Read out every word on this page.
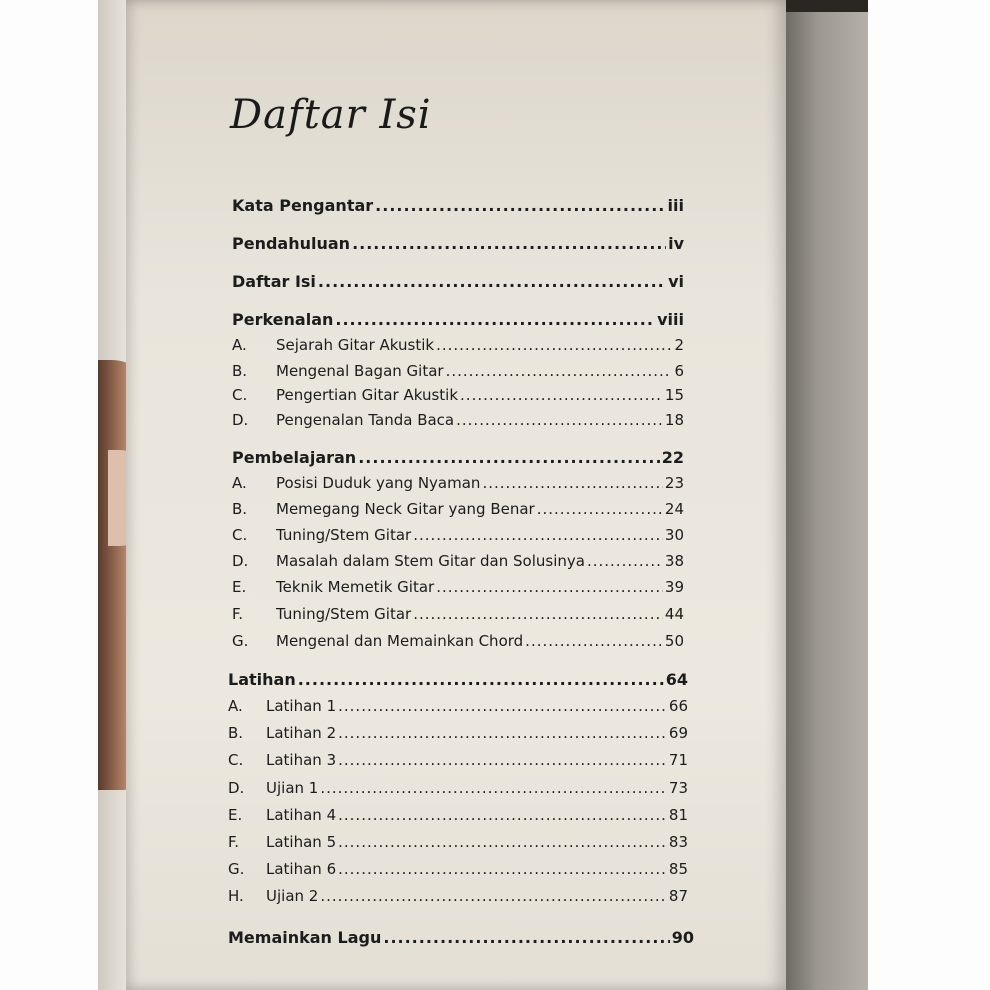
Daftar Isi
Kata Pengantar .....	iii
Pendahuluan .....	iv
Daftar Isi .....	vi
Perkenalan .....	viii
A.	Sejarah Gitar Akustik .....	2
B.	Mengenal Bagan Gitar .....	6
C.	Pengertian Gitar Akustik .....	15
D.	Pengenalan Tanda Baca .....	18
Pembelajaran .....	22
A.	Posisi Duduk yang Nyaman .....	23
B.	Memegang Neck Gitar yang Benar .....	24
C.	Tuning/Stem Gitar .....	30
D.	Masalah dalam Stem Gitar dan Solusinya .....	38
E.	Teknik Memetik Gitar .....	39
F.	Tuning/Stem Gitar .....	44
G.	Mengenal dan Memainkan Chord .....	50
Latihan .....	64
A.	Latihan 1 .....	66
B.	Latihan 2 .....	69
C.	Latihan 3 .....	71
D.	Ujian 1 .....	73
E.	Latihan 4 .....	81
F.	Latihan 5 .....	83
G.	Latihan 6 .....	85
H.	Ujian 2 .....	87
Memainkan Lagu .....	90
